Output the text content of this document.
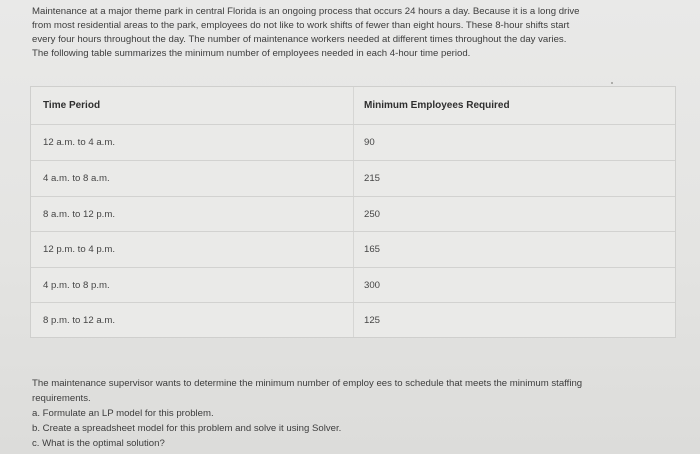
Maintenance at a major theme park in central Florida is an ongoing process that occurs 24 hours a day. Because it is a long drive
from most residential areas to the park, employees do not like to work shifts of fewer than eight hours. These 8-hour shifts start
every four hours throughout the day. The number of maintenance workers needed at different times throughout the day varies.
The following table summarizes the minimum number of employees needed in each 4-hour time period.
Time Period	Minimum Employees Required
12 a.m. to 4 a.m.	90
4 a.m. to 8 a.m.	215
8 a.m. to 12 p.m.	250
12 p.m. to 4 p.m.	165
4 p.m. to 8 p.m.	300
8 p.m. to 12 a.m.	125

The maintenance supervisor wants to determine the minimum number of employ ees to schedule that meets the minimum staffing

requirements.

a. Formulate an LP model for this problem.

b. Create a spreadsheet model for this problem and solve it using Solver.

c. What is the optimal solution?
